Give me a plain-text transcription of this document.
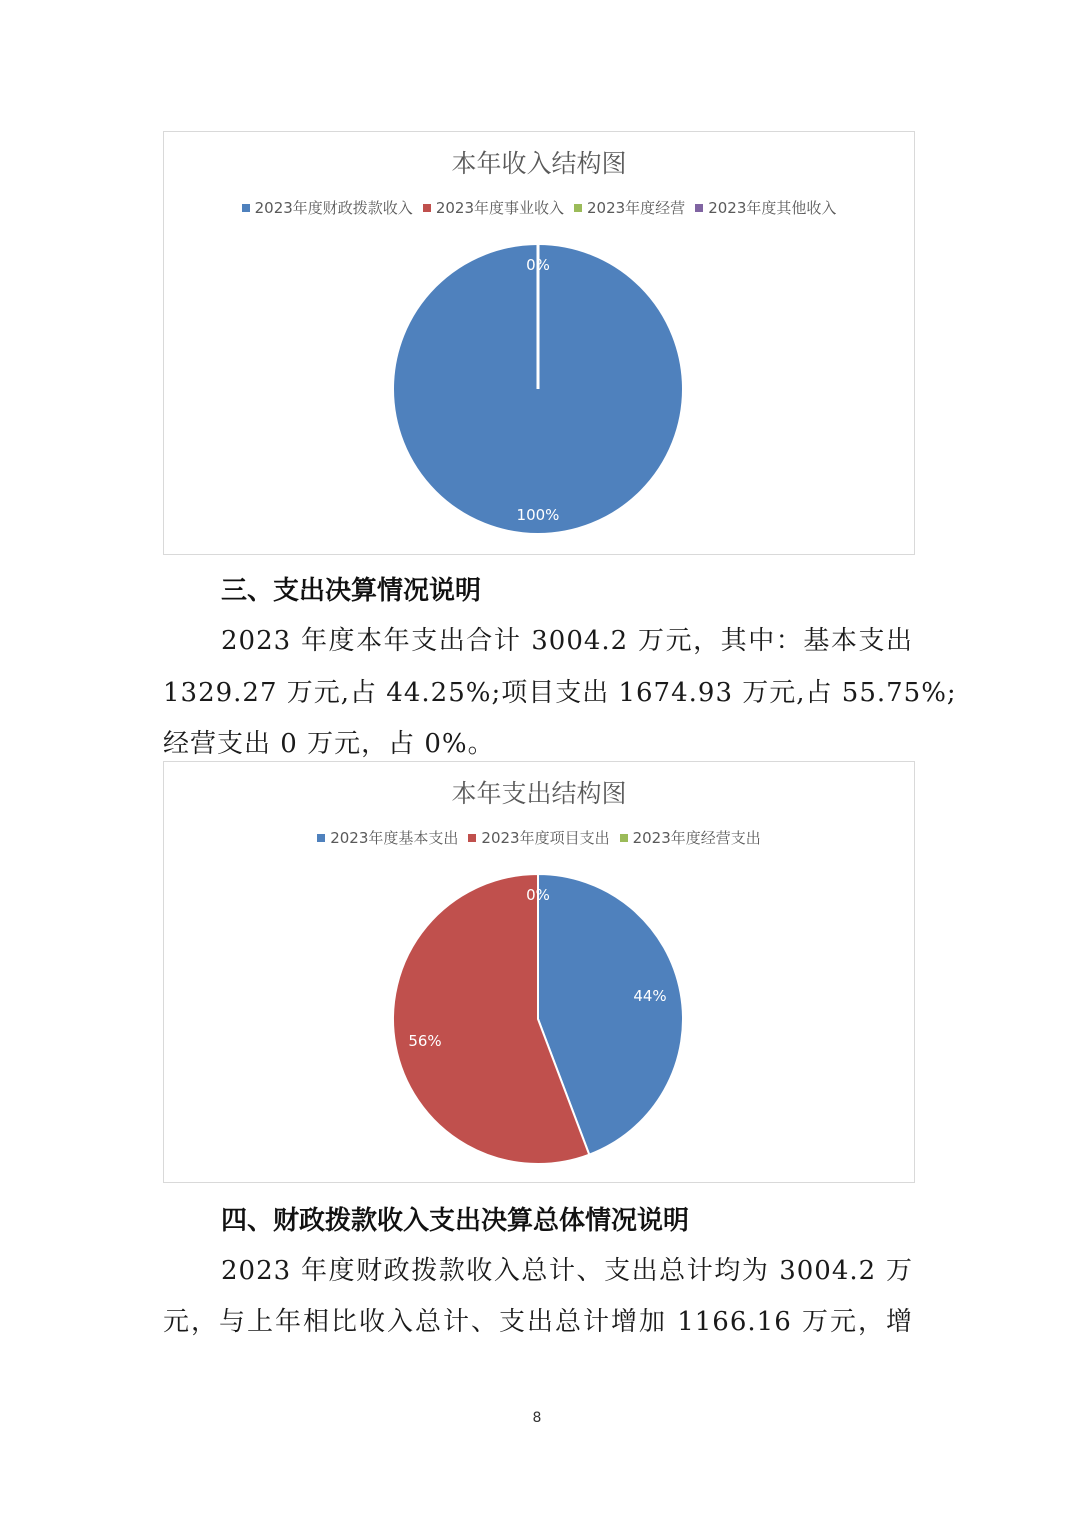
本年收入结构图
2023年度财政拨款收入 2023年度事业收入 2023年度经营 2023年度其他收入
100%
0%
三、支出决算情况说明
2023 年度本年支出合计 3004.2 万元，其中：基本支出
1329.27 万元,占 44.25%;项目支出 1674.93 万元,占 55.75%;
经营支出 0 万元，占 0%。
本年支出结构图
2023年度基本支出 2023年度项目支出 2023年度经营支出
44%
56%
0%
四、财政拨款收入支出决算总体情况说明
2023 年度财政拨款收入总计、支出总计均为 3004.2 万
元，与上年相比收入总计、支出总计增加 1166.16 万元，增
8
